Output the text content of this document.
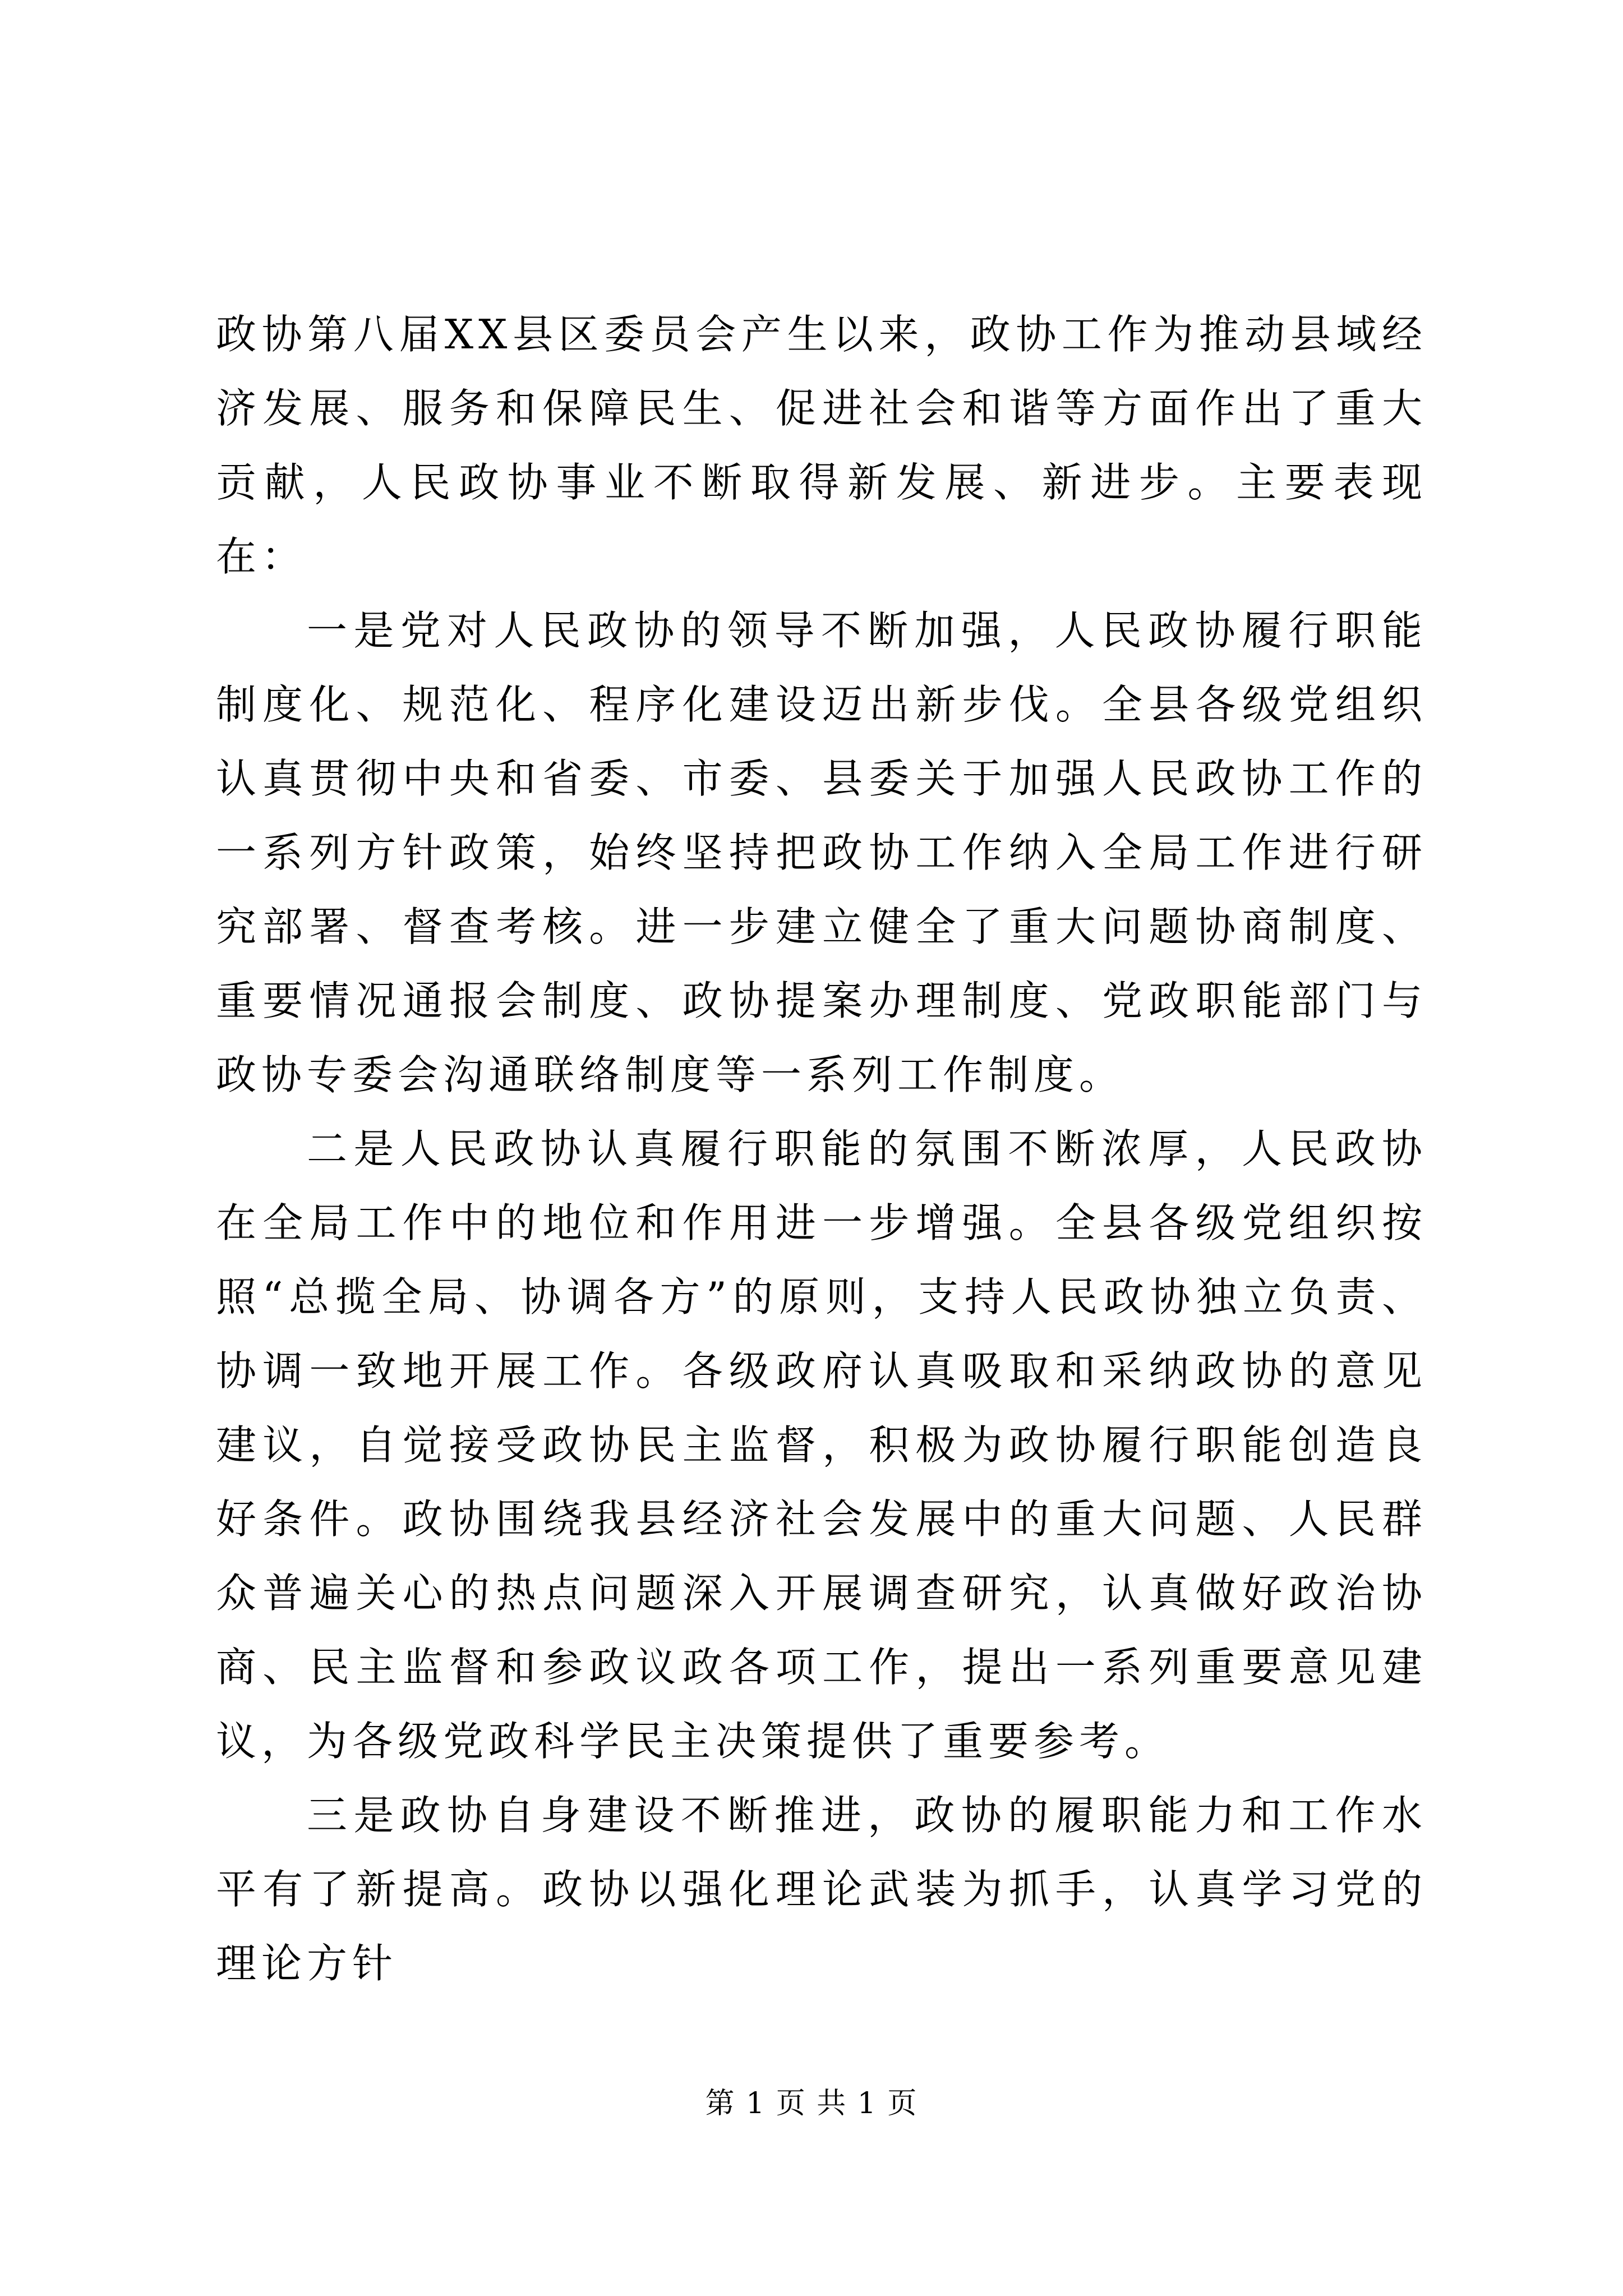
政协第八届XX县区委员会产生以来，政协工作为推动县域经济发展、服务和保障民生、促进社会和谐等方面作出了重大贡献，人民政协事业不断取得新发展、新进步。主要表现在：

一是党对人民政协的领导不断加强，人民政协履行职能制度化、规范化、程序化建设迈出新步伐。全县各级党组织认真贯彻中央和省委、市委、县委关于加强人民政协工作的一系列方针政策，始终坚持把政协工作纳入全局工作进行研究部署、督查考核。进一步建立健全了重大问题协商制度、重要情况通报会制度、政协提案办理制度、党政职能部门与政协专委会沟通联络制度等一系列工作制度。

二是人民政协认真履行职能的氛围不断浓厚，人民政协在全局工作中的地位和作用进一步增强。全县各级党组织按照“总揽全局、协调各方”的原则，支持人民政协独立负责、协调一致地开展工作。各级政府认真吸取和采纳政协的意见建议，自觉接受政协民主监督，积极为政协履行职能创造良好条件。政协围绕我县经济社会发展中的重大问题、人民群众普遍关心的热点问题深入开展调查研究，认真做好政治协商、民主监督和参政议政各项工作，提出一系列重要意见建议，为各级党政科学民主决策提供了重要参考。

三是政协自身建设不断推进，政协的履职能力和工作水平有了新提高。政协以强化理论武装为抓手，认真学习党的理论方针

第 1 页 共 1 页
